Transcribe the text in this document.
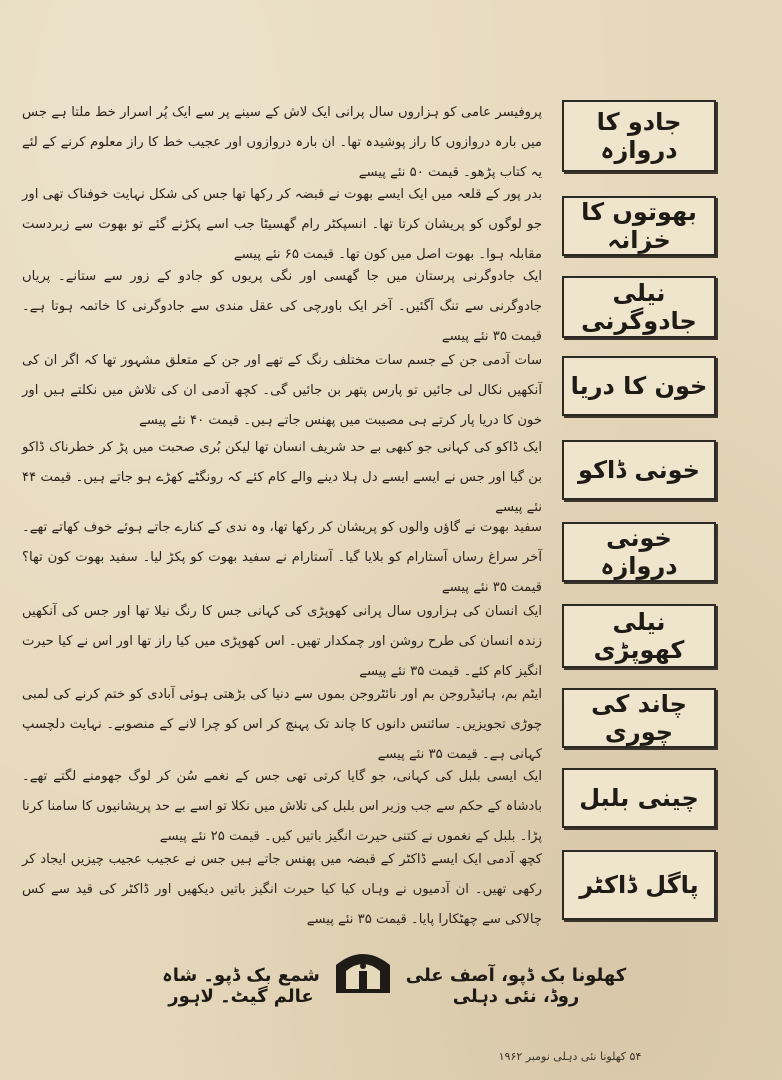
جادو کا دروازہ
پروفیسر عامی کو ہزاروں سال پرانی ایک لاش کے سینے پر سے ایک پُر اسرار خط ملتا ہے جس میں بارہ دروازوں کا راز پوشیدہ تھا۔ ان بارہ دروازوں اور عجیب خط کا راز معلوم کرنے کے لئے یہ کتاب پڑھو۔ قیمت ۵۰ نئے پیسے
بھوتوں کا خزانہ
بدر پور کے قلعہ میں ایک ایسے بھوت نے قبضہ کر رکھا تھا جس کی شکل نہایت خوفناک تھی اور جو لوگوں کو پریشان کرتا تھا۔ انسپکٹر رام گھسیٹا جب اسے پکڑنے گئے تو بھوت سے زبردست مقابلہ ہوا۔ بھوت اصل میں کون تھا۔ قیمت ۶۵ نئے پیسے
نیلی جادوگرنی
ایک جادوگرنی پرستان میں جا گھسی اور نگی پریوں کو جادو کے زور سے ستانے۔ پریاں جادوگرنی سے تنگ آگئیں۔ آخر ایک باورچی کی عقل مندی سے جادوگرنی کا خاتمہ ہوتا ہے۔ قیمت ۳۵ نئے پیسے
خون کا دریا
سات آدمی جن کے جسم سات مختلف رنگ کے تھے اور جن کے متعلق مشہور تھا کہ اگر ان کی آنکھیں نکال لی جائیں تو پارس پتھر بن جائیں گی۔ کچھ آدمی ان کی تلاش میں نکلتے ہیں اور خون کا دریا پار کرتے ہی مصیبت میں پھنس جاتے ہیں۔ قیمت ۴۰ نئے پیسے
خونی ڈاکو
ایک ڈاکو کی کہانی جو کبھی بے حد شریف انسان تھا لیکن بُری صحبت میں پڑ کر خطرناک ڈاکو بن گیا اور جس نے ایسے ایسے دل ہلا دینے والے کام کئے کہ رونگٹے کھڑے ہو جاتے ہیں۔ قیمت ۴۴ نئے پیسے
خونی دروازہ
سفید بھوت نے گاؤں والوں کو پریشان کر رکھا تھا، وہ ندی کے کنارے جاتے ہوئے خوف کھاتے تھے۔ آخر سراغ رساں آستارام کو بلایا گیا۔ آستارام نے سفید بھوت کو پکڑ لیا۔ سفید بھوت کون تھا؟ قیمت ۳۵ نئے پیسے
نیلی کھوپڑی
ایک انسان کی ہزاروں سال پرانی کھوپڑی کی کہانی جس کا رنگ نیلا تھا اور جس کی آنکھیں زندہ انسان کی طرح روشن اور چمکدار تھیں۔ اس کھوپڑی میں کیا راز تھا اور اس نے کیا حیرت انگیز کام کئے۔ قیمت ۳۵ نئے پیسے
چاند کی چوری
ایٹم بم، ہائیڈروجن بم اور نائٹروجن بموں سے دنیا کی بڑھتی ہوئی آبادی کو ختم کرنے کی لمبی چوڑی تجویزیں۔ سائنس دانوں کا چاند تک پہنچ کر اس کو چرا لانے کے منصوبے۔ نہایت دلچسپ کہانی ہے۔ قیمت ۳۵ نئے پیسے
چینی بلبل
ایک ایسی بلبل کی کہانی، جو گایا کرتی تھی جس کے نغمے سُن کر لوگ جھومنے لگتے تھے۔ بادشاہ کے حکم سے جب وزیر اس بلبل کی تلاش میں نکلا تو اسے بے حد پریشانیوں کا سامنا کرنا پڑا۔ بلبل کے نغموں نے کتنی حیرت انگیز باتیں کیں۔ قیمت ۲۵ نئے پیسے
پاگل ڈاکٹر
کچھ آدمی ایک ایسے ڈاکٹر کے قبضہ میں پھنس جاتے ہیں جس نے عجیب عجیب چیزیں ایجاد کر رکھی تھیں۔ ان آدمیوں نے وہاں کیا کیا حیرت انگیز باتیں دیکھیں اور ڈاکٹر کی قید سے کس چالاکی سے چھٹکارا پایا۔ قیمت ۳۵ نئے پیسے
کھلونا بک ڈپو، آصف علی روڈ، نئی دہلی
شمع بک ڈپو۔ شاہ عالم گیٹ۔ لاہور
۵۴ کھلونا نئی دہلی نومبر ۱۹۶۲
